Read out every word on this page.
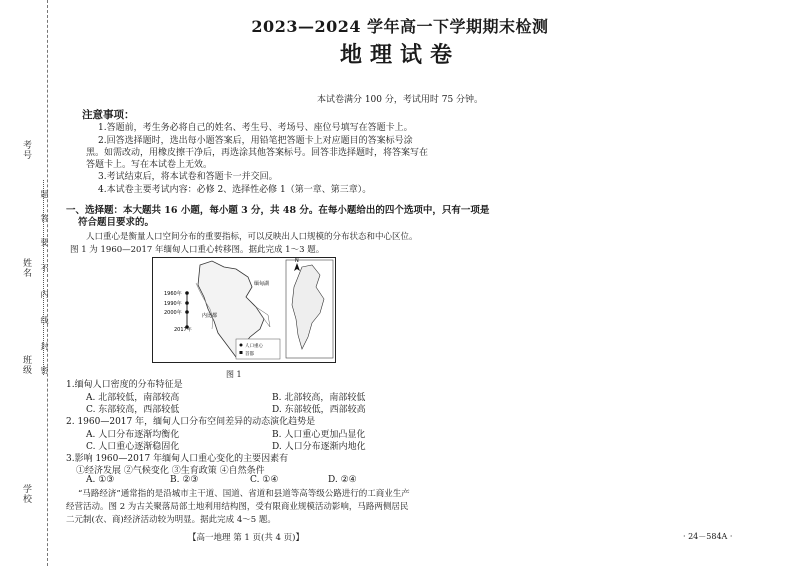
考号
姓名
班级
学校
题
答
要
不
内
线
封
密
2023—2024 学年高一下学期期末检测
地理试卷
本试卷满分 100 分，考试用时 75 分钟。
注意事项：
1.答题前，考生务必将自己的姓名、考生号、考场号、座位号填写在答题卡上。
2.回答选择题时，选出每小题答案后，用铅笔把答题卡上对应题目的答案标号涂
黑。如需改动，用橡皮擦干净后，再选涂其他答案标号。回答非选择题时，将答案写在
答题卡上。写在本试卷上无效。
3.考试结束后，将本试卷和答题卡一并交回。
4.本试卷主要考试内容：必修 2、选择性必修 1（第一章、第三章）。
一、选择题：本大题共 16 小题，每小题 3 分，共 48 分。在每小题给出的四个选项中，只有一项是
符合题目要求的。
人口重心是衡量人口空间分布的重要指标，可以反映出人口规模的分布状态和中心区位。
图 1 为 1960—2017 年缅甸人口重心转移图。据此完成 1～3 题。
1960年
1990年
2000年
2017年
内比都
缅甸湖
N
人口重心
首都
图 1
1.缅甸人口密度的分布特征是
A. 北部较低，南部较高	B. 北部较高，南部较低
C. 东部较高，西部较低	D. 东部较低，西部较高
2. 1960—2017 年，缅甸人口分布空间差异的动态演化趋势是
A. 人口分布逐渐均衡化	B. 人口重心更加凸显化
C. 人口重心逐渐稳固化	D. 人口分布逐渐内地化
3.影响 1960—2017 年缅甸人口重心变化的主要因素有
①经济发展 ②气候变化 ③生育政策 ④自然条件
A. ①③	B. ②③	C. ①④	D. ②④
“马路经济”通常指的是沿城市主干道、国道、省道和县道等高等级公路进行的工商业生产
经营活动。图 2 为古关聚落局部土地利用结构图，受有限商业规模活动影响，马路两侧居民
二元制(农、商)经济活动较为明显。据此完成 4～5 题。
【高一地理 第 1 页(共 4 页)】	· 24－584A ·
